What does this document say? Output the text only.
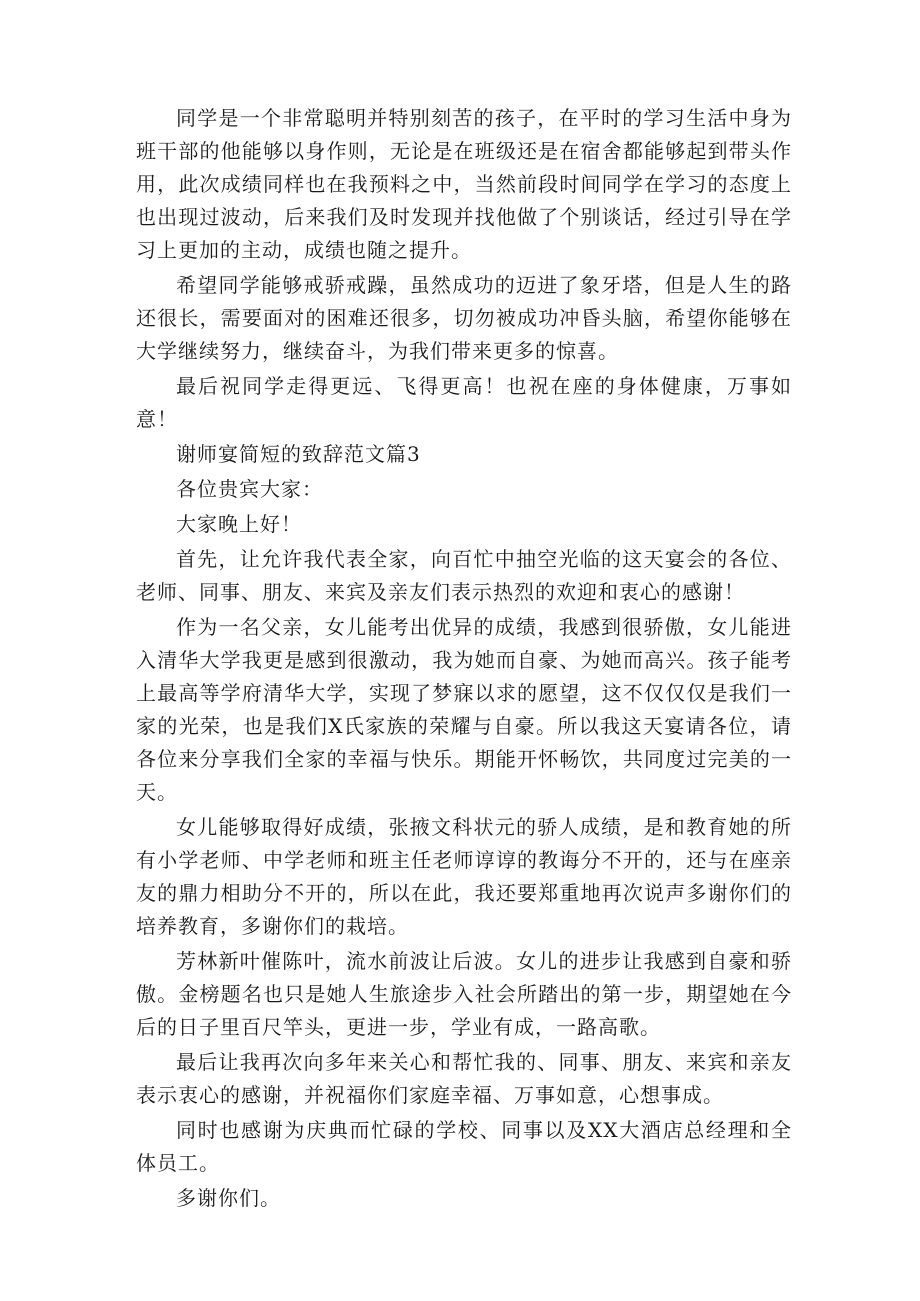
同学是一个非常聪明并特别刻苦的孩子，在平时的学习生活中身为班干部的他能够以身作则，无论是在班级还是在宿舍都能够起到带头作用，此次成绩同样也在我预料之中，当然前段时间同学在学习的态度上也出现过波动，后来我们及时发现并找他做了个别谈话，经过引导在学习上更加的主动，成绩也随之提升。

希望同学能够戒骄戒躁，虽然成功的迈进了象牙塔，但是人生的路还很长，需要面对的困难还很多，切勿被成功冲昏头脑，希望你能够在大学继续努力，继续奋斗，为我们带来更多的惊喜。

最后祝同学走得更远、飞得更高！也祝在座的身体健康，万事如意！

谢师宴简短的致辞范文篇3

各位贵宾大家：

大家晚上好！

首先，让允许我代表全家，向百忙中抽空光临的这天宴会的各位、老师、同事、朋友、来宾及亲友们表示热烈的欢迎和衷心的感谢！

作为一名父亲，女儿能考出优异的成绩，我感到很骄傲，女儿能进入清华大学我更是感到很激动，我为她而自豪、为她而高兴。孩子能考上最高等学府清华大学，实现了梦寐以求的愿望，这不仅仅仅是我们一家的光荣，也是我们X氏家族的荣耀与自豪。所以我这天宴请各位，请各位来分享我们全家的幸福与快乐。期能开怀畅饮，共同度过完美的一天。

女儿能够取得好成绩，张掖文科状元的骄人成绩，是和教育她的所有小学老师、中学老师和班主任老师谆谆的教诲分不开的，还与在座亲友的鼎力相助分不开的，所以在此，我还要郑重地再次说声多谢你们的培养教育，多谢你们的栽培。

芳林新叶催陈叶，流水前波让后波。女儿的进步让我感到自豪和骄傲。金榜题名也只是她人生旅途步入社会所踏出的第一步，期望她在今后的日子里百尺竿头，更进一步，学业有成，一路高歌。

最后让我再次向多年来关心和帮忙我的、同事、朋友、来宾和亲友表示衷心的感谢，并祝福你们家庭幸福、万事如意，心想事成。

同时也感谢为庆典而忙碌的学校、同事以及XX大酒店总经理和全体员工。

多谢你们。
